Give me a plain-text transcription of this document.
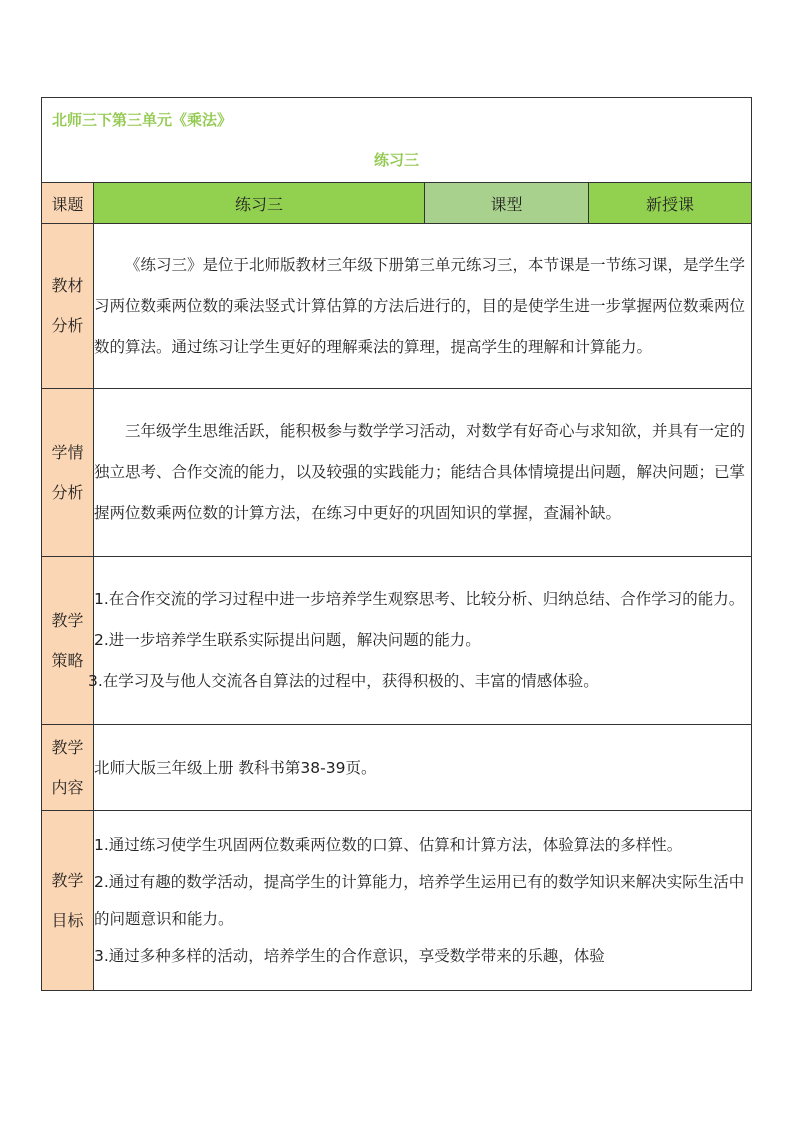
北师三下第三单元《乘法》
练习三			

课题	练习三	课型	新授课
教材分析	《练习三》是位于北师版教材三年级下册第三单元练习三，本节课是一节练习课，是学生学习两位数乘两位数的乘法竖式计算估算的方法后进行的，目的是使学生进一步掌握两位数乘两位数的算法。通过练习让学生更好的理解乘法的算理，提高学生的理解和计算能力。		

学情分析	三年级学生思维活跃，能积极参与数学学习活动，对数学有好奇心与求知欲，并具有一定的独立思考、合作交流的能力，以及较强的实践能力；能结合具体情境提出问题，解决问题；已掌握两位数乘两位数的计算方法，在练习中更好的巩固知识的掌握，查漏补缺。		

教学策略	1.在合作交流的学习过程中进一步培养学生观察思考、比较分析、归纳总结、合作学习的能力。

2.进一步培养学生联系实际提出问题，解决问题的能力。

3.在学习及与他人交流各自算法的过程中，获得积极的、丰富的情感体验。		

教学内容	北师大版三年级上册 教科书第38-39页。		
教学目标	1.通过练习使学生巩固两位数乘两位数的口算、估算和计算方法，体验算法的多样性。

2.通过有趣的数学活动，提高学生的计算能力，培养学生运用已有的数学知识来解决实际生活中的问题意识和能力。

3.通过多种多样的活动，培养学生的合作意识，享受数学带来的乐趣，体验		
